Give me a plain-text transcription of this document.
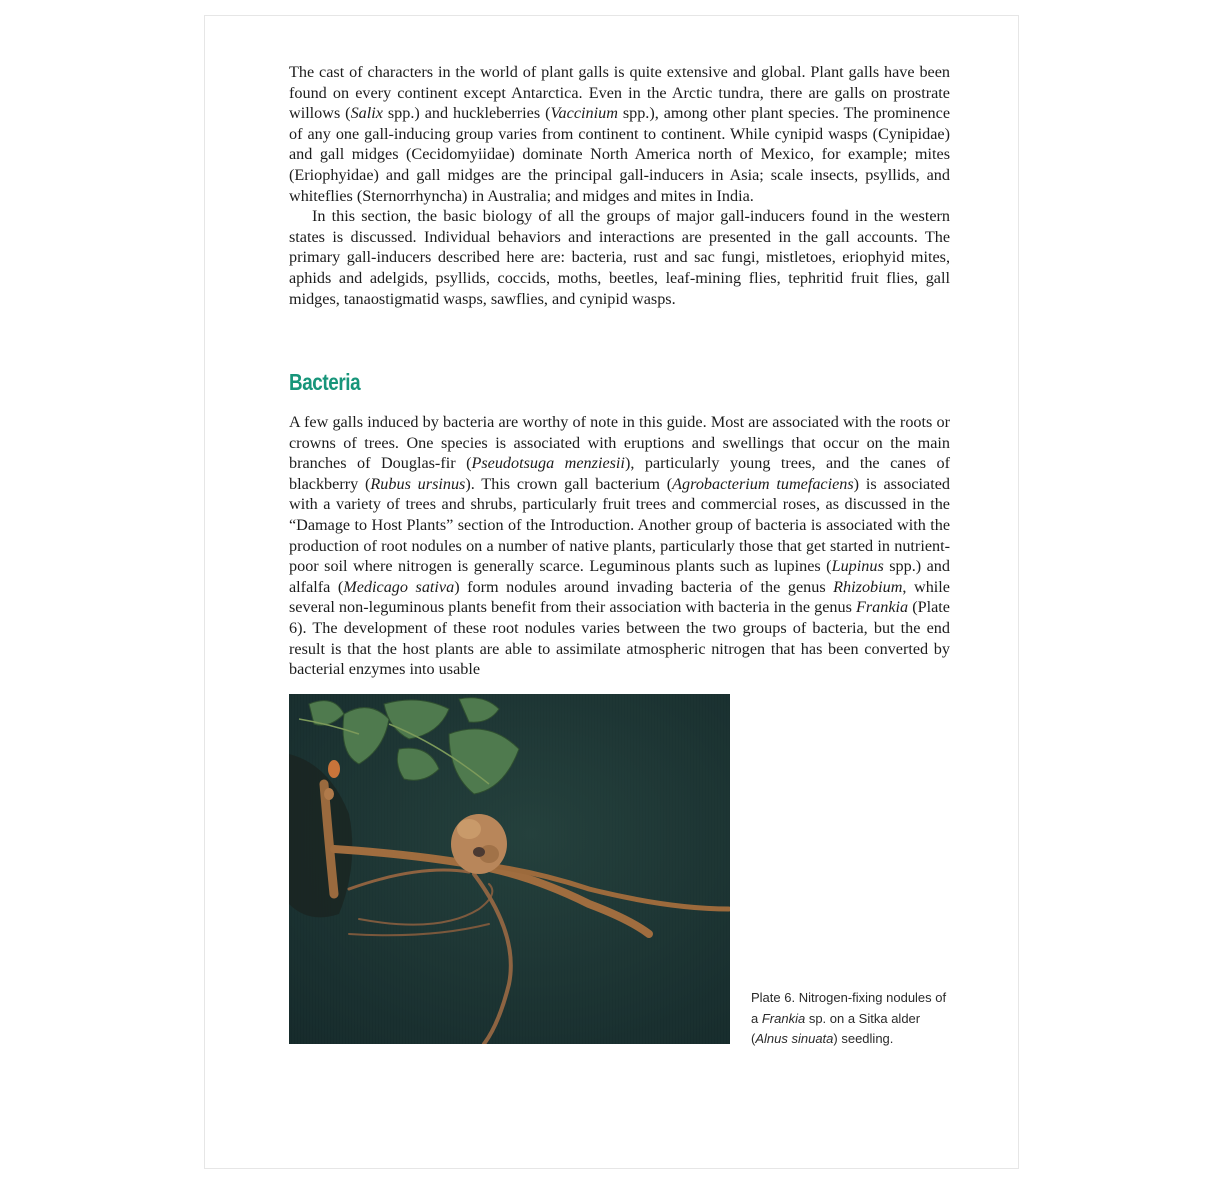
The cast of characters in the world of plant galls is quite extensive and global. Plant galls have been found on every continent except Antarctica. Even in the Arctic tundra, there are galls on prostrate willows (Salix spp.) and huckleberries (Vaccinium spp.), among other plant species. The prominence of any one gall-inducing group varies from continent to continent. While cynipid wasps (Cynipidae) and gall midges (Cecidomyiidae) dominate North America north of Mexico, for example; mites (Eriophyidae) and gall midges are the principal gall-inducers in Asia; scale insects, psyllids, and whiteflies (Sternorrhyncha) in Australia; and midges and mites in India.

In this section, the basic biology of all the groups of major gall-inducers found in the western states is discussed. Individual behaviors and interactions are presented in the gall accounts. The primary gall-inducers described here are: bacteria, rust and sac fungi, mistletoes, eriophyid mites, aphids and adelgids, psyllids, coccids, moths, beetles, leaf-mining flies, tephritid fruit flies, gall midges, tanaostigmatid wasps, sawflies, and cynipid wasps.

Bacteria

A few galls induced by bacteria are worthy of note in this guide. Most are associated with the roots or crowns of trees. One species is associated with eruptions and swellings that occur on the main branches of Douglas-fir (Pseudotsuga menziesii), particularly young trees, and the canes of blackberry (Rubus ursinus). This crown gall bacterium (Agrobacterium tumefaciens) is associated with a variety of trees and shrubs, particularly fruit trees and commercial roses, as discussed in the “Damage to Host Plants” section of the Introduction. Another group of bacteria is associated with the production of root nodules on a number of native plants, particularly those that get started in nutrient-poor soil where nitrogen is generally scarce. Leguminous plants such as lupines (Lupinus spp.) and alfalfa (Medicago sativa) form nodules around invading bacteria of the genus Rhizobium, while several non-leguminous plants benefit from their association with bacteria in the genus Frankia (Plate 6). The development of these root nodules varies between the two groups of bacteria, but the end result is that the host plants are able to assimilate atmospheric nitrogen that has been converted by bacterial enzymes into usable

Plate 6. Nitrogen-fixing nodules of a Frankia sp. on a Sitka alder (Alnus sinuata) seedling.
